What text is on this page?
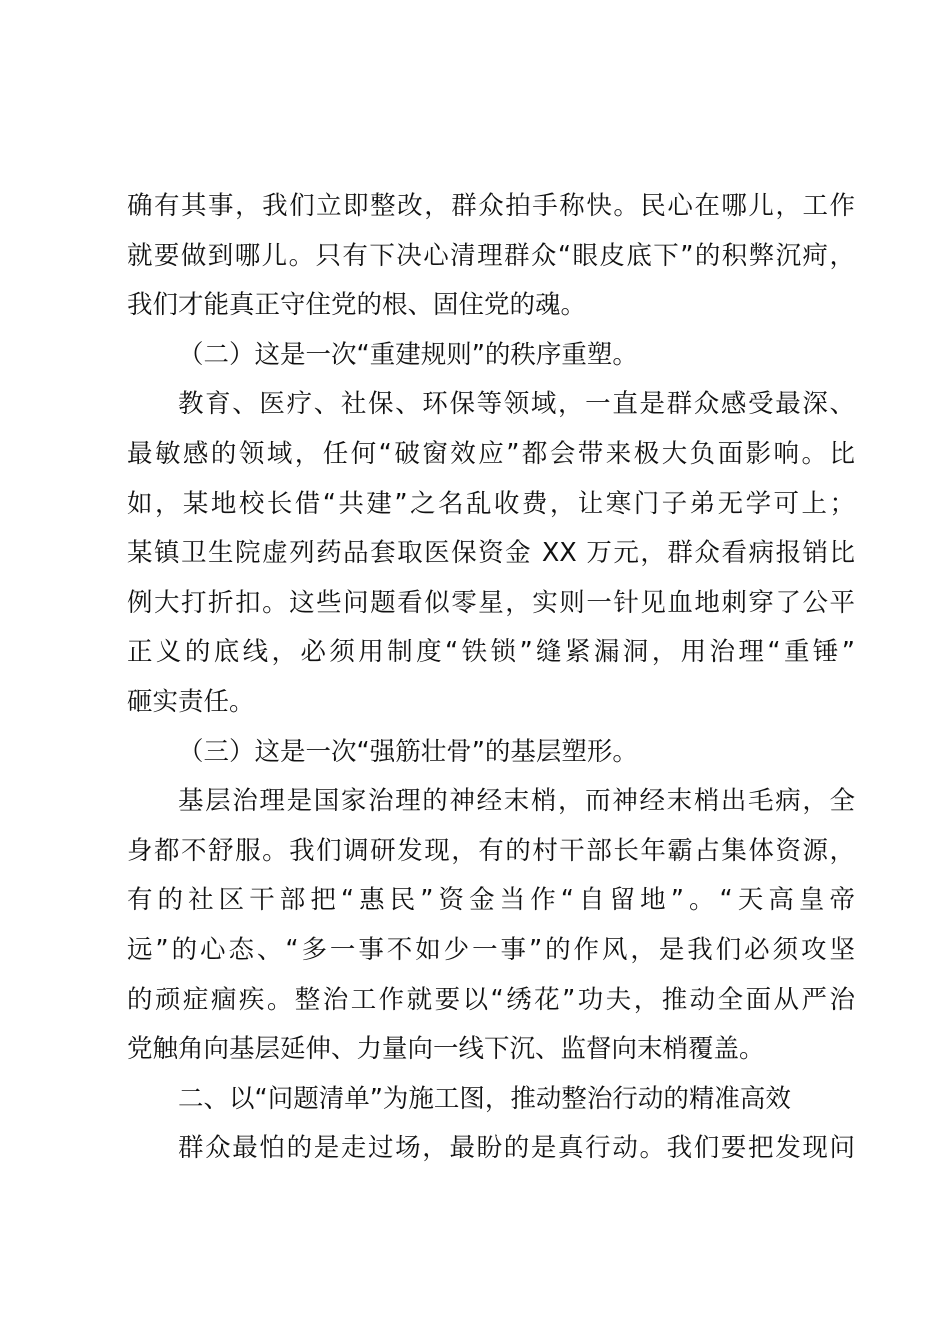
确有其事，我们立即整改，群众拍手称快。民心在哪儿，工作
就要做到哪儿。只有下决心清理群众“眼皮底下”的积弊沉疴，
我们才能真正守住党的根、固住党的魂。
（二）这是一次“重建规则”的秩序重塑。
教育、医疗、社保、环保等领域，一直是群众感受最深、
最敏感的领域，任何“破窗效应”都会带来极大负面影响。比
如，某地校长借“共建”之名乱收费，让寒门子弟无学可上；
某镇卫生院虚列药品套取医保资金 XX 万元，群众看病报销比
例大打折扣。这些问题看似零星，实则一针见血地刺穿了公平
正义的底线，必须用制度“铁锁”缝紧漏洞，用治理“重锤”
砸实责任。
（三）这是一次“强筋壮骨”的基层塑形。
基层治理是国家治理的神经末梢，而神经末梢出毛病，全
身都不舒服。我们调研发现，有的村干部长年霸占集体资源，
有的社区干部把“惠民”资金当作“自留地”。“天高皇帝
远”的心态、“多一事不如少一事”的作风，是我们必须攻坚
的顽症痼疾。整治工作就要以“绣花”功夫，推动全面从严治
党触角向基层延伸、力量向一线下沉、监督向末梢覆盖。
二、以“问题清单”为施工图，推动整治行动的精准高效
群众最怕的是走过场，最盼的是真行动。我们要把发现问
